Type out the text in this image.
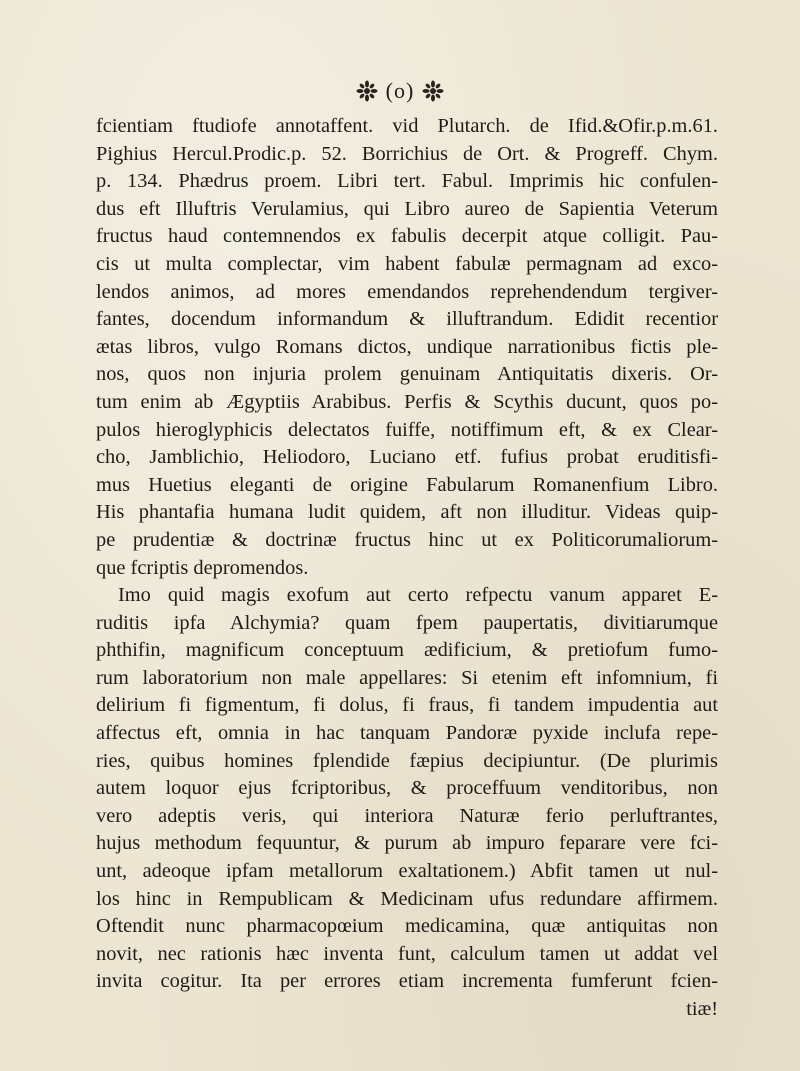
(o)
fcientiam ftudiofe annotaffent. vid Plutarch. de Ifid.&Ofir.p.m.61.
Pighius Hercul.Prodic.p. 52. Borrichius de Ort. & Progreff. Chym.
p. 134. Phædrus proem. Libri tert. Fabul. Imprimis hic confulen-
dus eft Illuftris Verulamius, qui Libro aureo de Sapientia Veterum
fructus haud contemnendos ex fabulis decerpit atque colligit. Pau-
cis ut multa complectar, vim habent fabulæ permagnam ad exco-
lendos animos, ad mores emendandos reprehendendum tergiver-
fantes, docendum informandum & illuftrandum. Edidit recentior
ætas libros, vulgo Romans dictos, undique narrationibus fictis ple-
nos, quos non injuria prolem genuinam Antiquitatis dixeris. Or-
tum enim ab Ægyptiis Arabibus. Perfis & Scythis ducunt, quos po-
pulos hieroglyphicis delectatos fuiffe, notiffimum eft, & ex Clear-
cho, Jamblichio, Heliodoro, Luciano etf. fufius probat eruditisfi-
mus Huetius eleganti de origine Fabularum Romanenfium Libro.
His phantafia humana ludit quidem, aft non illuditur. Videas quip-
pe prudentiæ & doctrinæ fructus hinc ut ex Politicorumaliorum-
que fcriptis depromendos.
Imo quid magis exofum aut certo refpectu vanum apparet E-
ruditis ipfa Alchymia? quam fpem paupertatis, divitiarumque
phthifin, magnificum conceptuum ædificium, & pretiofum fumo-
rum laboratorium non male appellares: Si etenim eft infomnium, fi
delirium fi figmentum, fi dolus, fi fraus, fi tandem impudentia aut
affectus eft, omnia in hac tanquam Pandoræ pyxide inclufa repe-
ries, quibus homines fplendide fæpius decipiuntur. (De plurimis
autem loquor ejus fcriptoribus, & proceffuum venditoribus, non
vero adeptis veris, qui interiora Naturæ ferio perluftrantes,
hujus methodum fequuntur, & purum ab impuro feparare vere fci-
unt, adeoque ipfam metallorum exaltationem.) Abfit tamen ut nul-
los hinc in Rempublicam & Medicinam ufus redundare affirmem.
Oftendit nunc pharmacopœium medicamina, quæ antiquitas non
novit, nec rationis hæc inventa funt, calculum tamen ut addat vel
invita cogitur. Ita per errores etiam incrementa fumferunt fcien-
tiæ!
